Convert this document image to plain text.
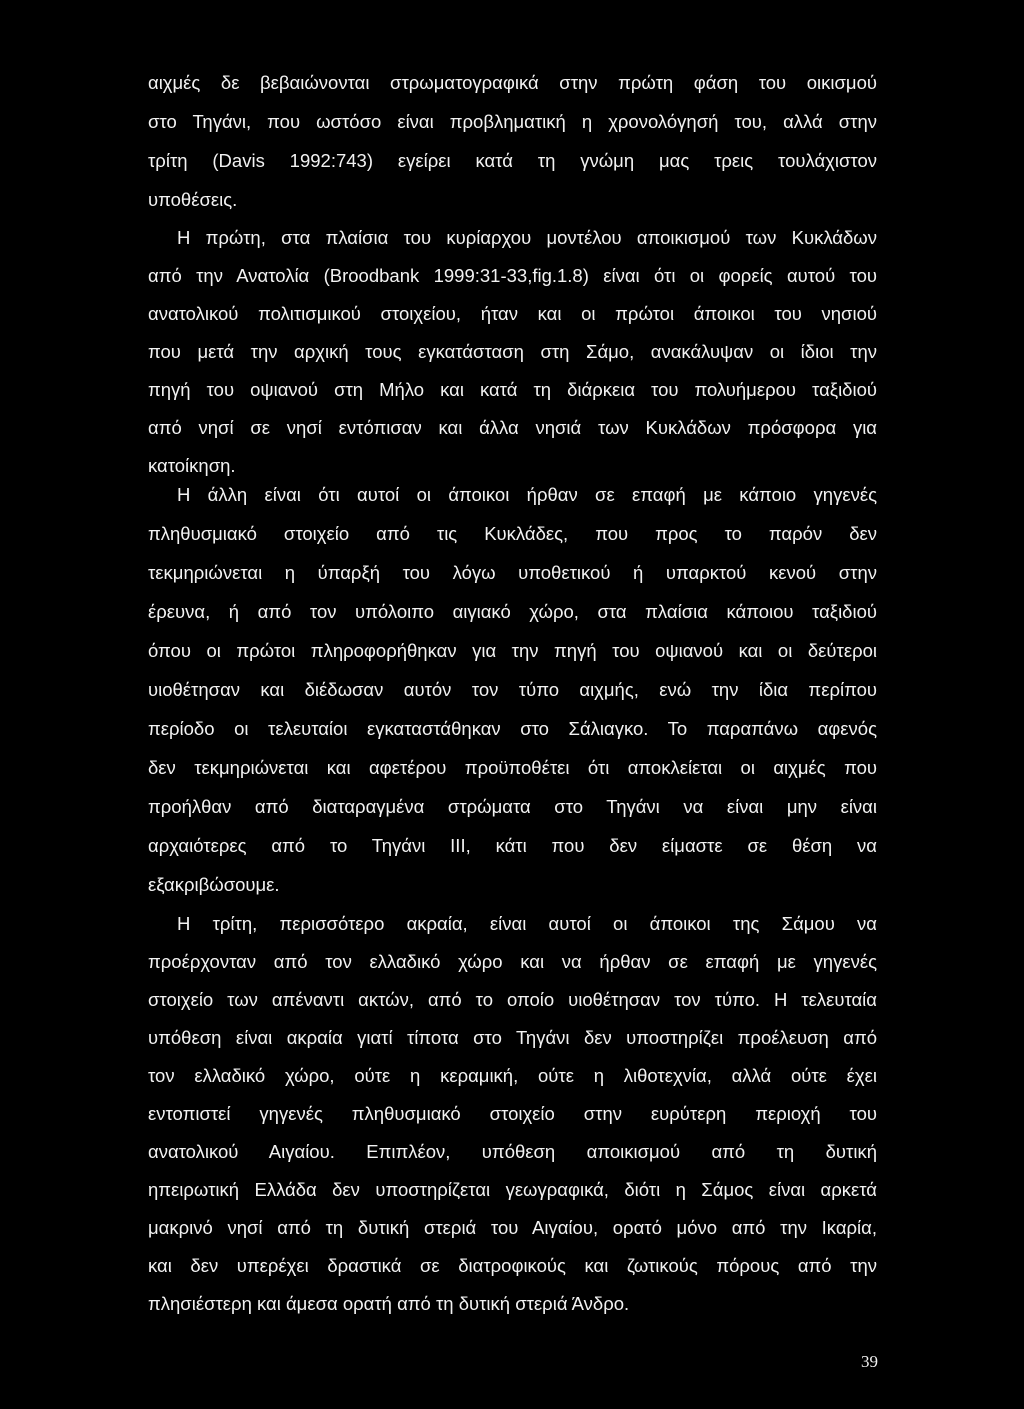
αιχμές δε βεβαιώνονται στρωματογραφικά στην πρώτη φάση του οικισμού
στο Τηγάνι, που ωστόσο είναι προβληματική η χρονολόγησή του, αλλά στην
τρίτη (Davis 1992:743) εγείρει κατά τη γνώμη μας τρεις τουλάχιστον
υποθέσεις.
Η πρώτη, στα πλαίσια του κυρίαρχου μοντέλου αποικισμού των Κυκλάδων
από την Ανατολία (Broodbank 1999:31-33,fig.1.8) είναι ότι οι φορείς αυτού του
ανατολικού πολιτισμικού στοιχείου, ήταν και οι πρώτοι άποικοι του νησιού
που μετά την αρχική τους εγκατάσταση στη Σάμο, ανακάλυψαν οι ίδιοι την
πηγή του οψιανού στη Μήλο και κατά τη διάρκεια του πολυήμερου ταξιδιού
από νησί σε νησί εντόπισαν και άλλα νησιά των Κυκλάδων πρόσφορα για
κατοίκηση.
Η άλλη είναι ότι αυτοί οι άποικοι ήρθαν σε επαφή με κάποιο γηγενές
πληθυσμιακό στοιχείο από τις Κυκλάδες, που προς το παρόν δεν
τεκμηριώνεται η ύπαρξή του λόγω υποθετικού ή υπαρκτού κενού στην
έρευνα, ή από τον υπόλοιπο αιγιακό χώρο, στα πλαίσια κάποιου ταξιδιού
όπου οι πρώτοι πληροφορήθηκαν για την πηγή του οψιανού και οι δεύτεροι
υιοθέτησαν και διέδωσαν αυτόν τον τύπο αιχμής, ενώ την ίδια περίπου
περίοδο οι τελευταίοι εγκαταστάθηκαν στο Σάλιαγκο. Το παραπάνω αφενός
δεν τεκμηριώνεται και αφετέρου προϋποθέτει ότι αποκλείεται οι αιχμές που
προήλθαν από διαταραγμένα στρώματα στο Τηγάνι να είναι μην είναι
αρχαιότερες από το Τηγάνι ΙΙΙ, κάτι που δεν είμαστε σε θέση να
εξακριβώσουμε.
Η τρίτη, περισσότερο ακραία, είναι αυτοί οι άποικοι της Σάμου να
προέρχονταν από τον ελλαδικό χώρο και να ήρθαν σε επαφή με γηγενές
στοιχείο των απέναντι ακτών, από το οποίο υιοθέτησαν τον τύπο. Η τελευταία
υπόθεση είναι ακραία γιατί τίποτα στο Τηγάνι δεν υποστηρίζει προέλευση από
τον ελλαδικό χώρο, ούτε η κεραμική, ούτε η λιθοτεχνία, αλλά ούτε έχει
εντοπιστεί γηγενές πληθυσμιακό στοιχείο στην ευρύτερη περιοχή του
ανατολικού Αιγαίου. Επιπλέον, υπόθεση αποικισμού από τη δυτική
ηπειρωτική Ελλάδα δεν υποστηρίζεται γεωγραφικά, διότι η Σάμος είναι αρκετά
μακρινό νησί από τη δυτική στεριά του Αιγαίου, ορατό μόνο από την Ικαρία,
και δεν υπερέχει δραστικά σε διατροφικούς και ζωτικούς πόρους από την
πλησιέστερη και άμεσα ορατή από τη δυτική στεριά Άνδρο.
39
